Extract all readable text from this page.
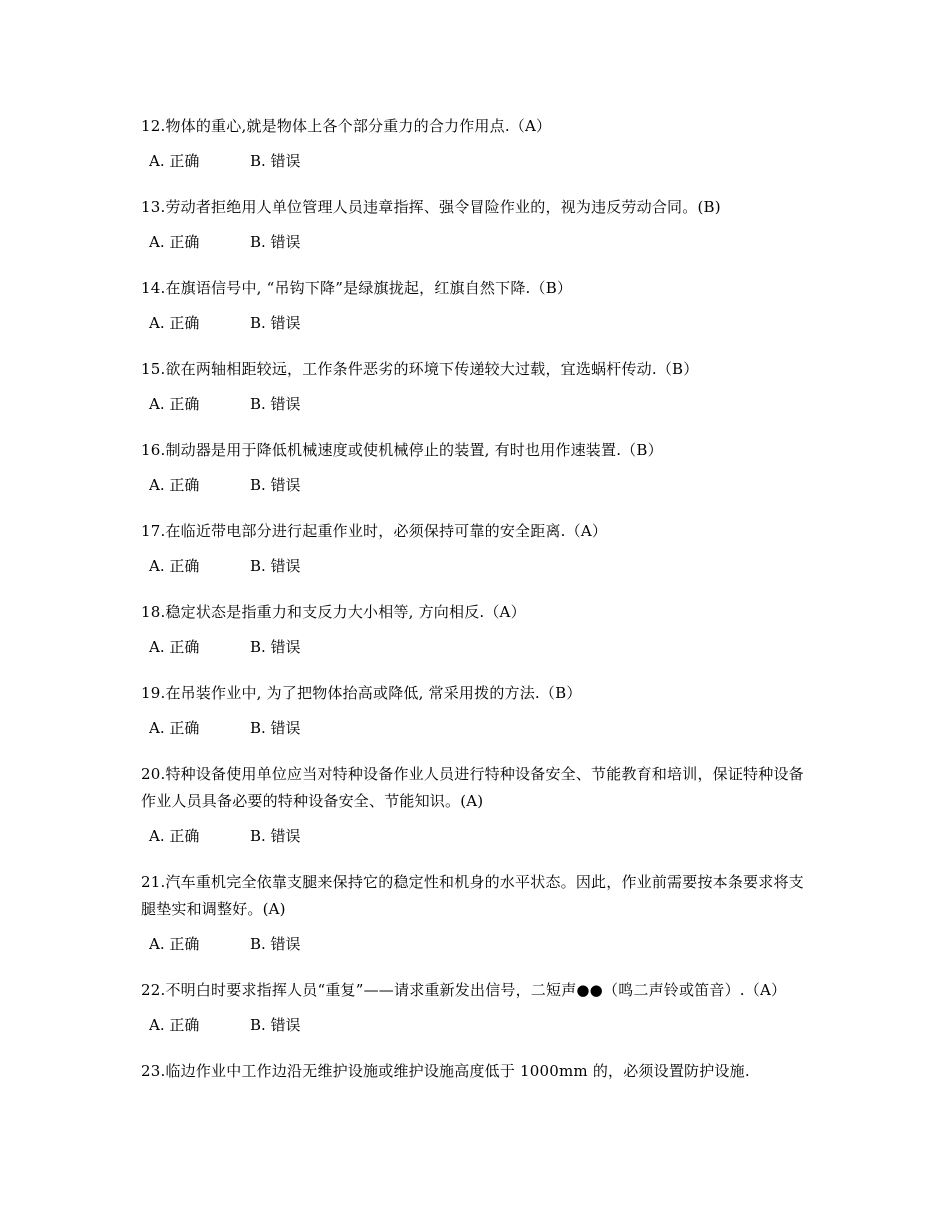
12.物体的重心,就是物体上各个部分重力的合力作用点.（A）

A. 正确	B. 错误

13.劳动者拒绝用人单位管理人员违章指挥、强令冒险作业的，视为违反劳动合同。(B)

A. 正确	B. 错误

14.在旗语信号中, “吊钩下降”是绿旗拢起，红旗自然下降.（B）

A. 正确	B. 错误

15.欲在两轴相距较远，工作条件恶劣的环境下传递较大过载，宜选蜗杆传动.（B）

A. 正确	B. 错误

16.制动器是用于降低机械速度或使机械停止的装置, 有时也用作速装置.（B）

A. 正确	B. 错误

17.在临近带电部分进行起重作业时，必须保持可靠的安全距离.（A）

A. 正确	B. 错误

18.稳定状态是指重力和支反力大小相等, 方向相反.（A）

A. 正确	B. 错误

19.在吊装作业中, 为了把物体抬高或降低, 常采用拨的方法.（B）

A. 正确	B. 错误

20.特种设备使用单位应当对特种设备作业人员进行特种设备安全、节能教育和培训，保证特种设备作业人员具备必要的特种设备安全、节能知识。(A)

A. 正确	B. 错误

21.汽车重机完全依靠支腿来保持它的稳定性和机身的水平状态。因此，作业前需要按本条要求将支腿垫实和调整好。(A)

A. 正确	B. 错误

22.不明白时要求指挥人员“重复”——请求重新发出信号，二短声●●（鸣二声铃或笛音）.（A）

A. 正确	B. 错误

23.临边作业中工作边沿无维护设施或维护设施高度低于 1000mm 的，必须设置防护设施.
